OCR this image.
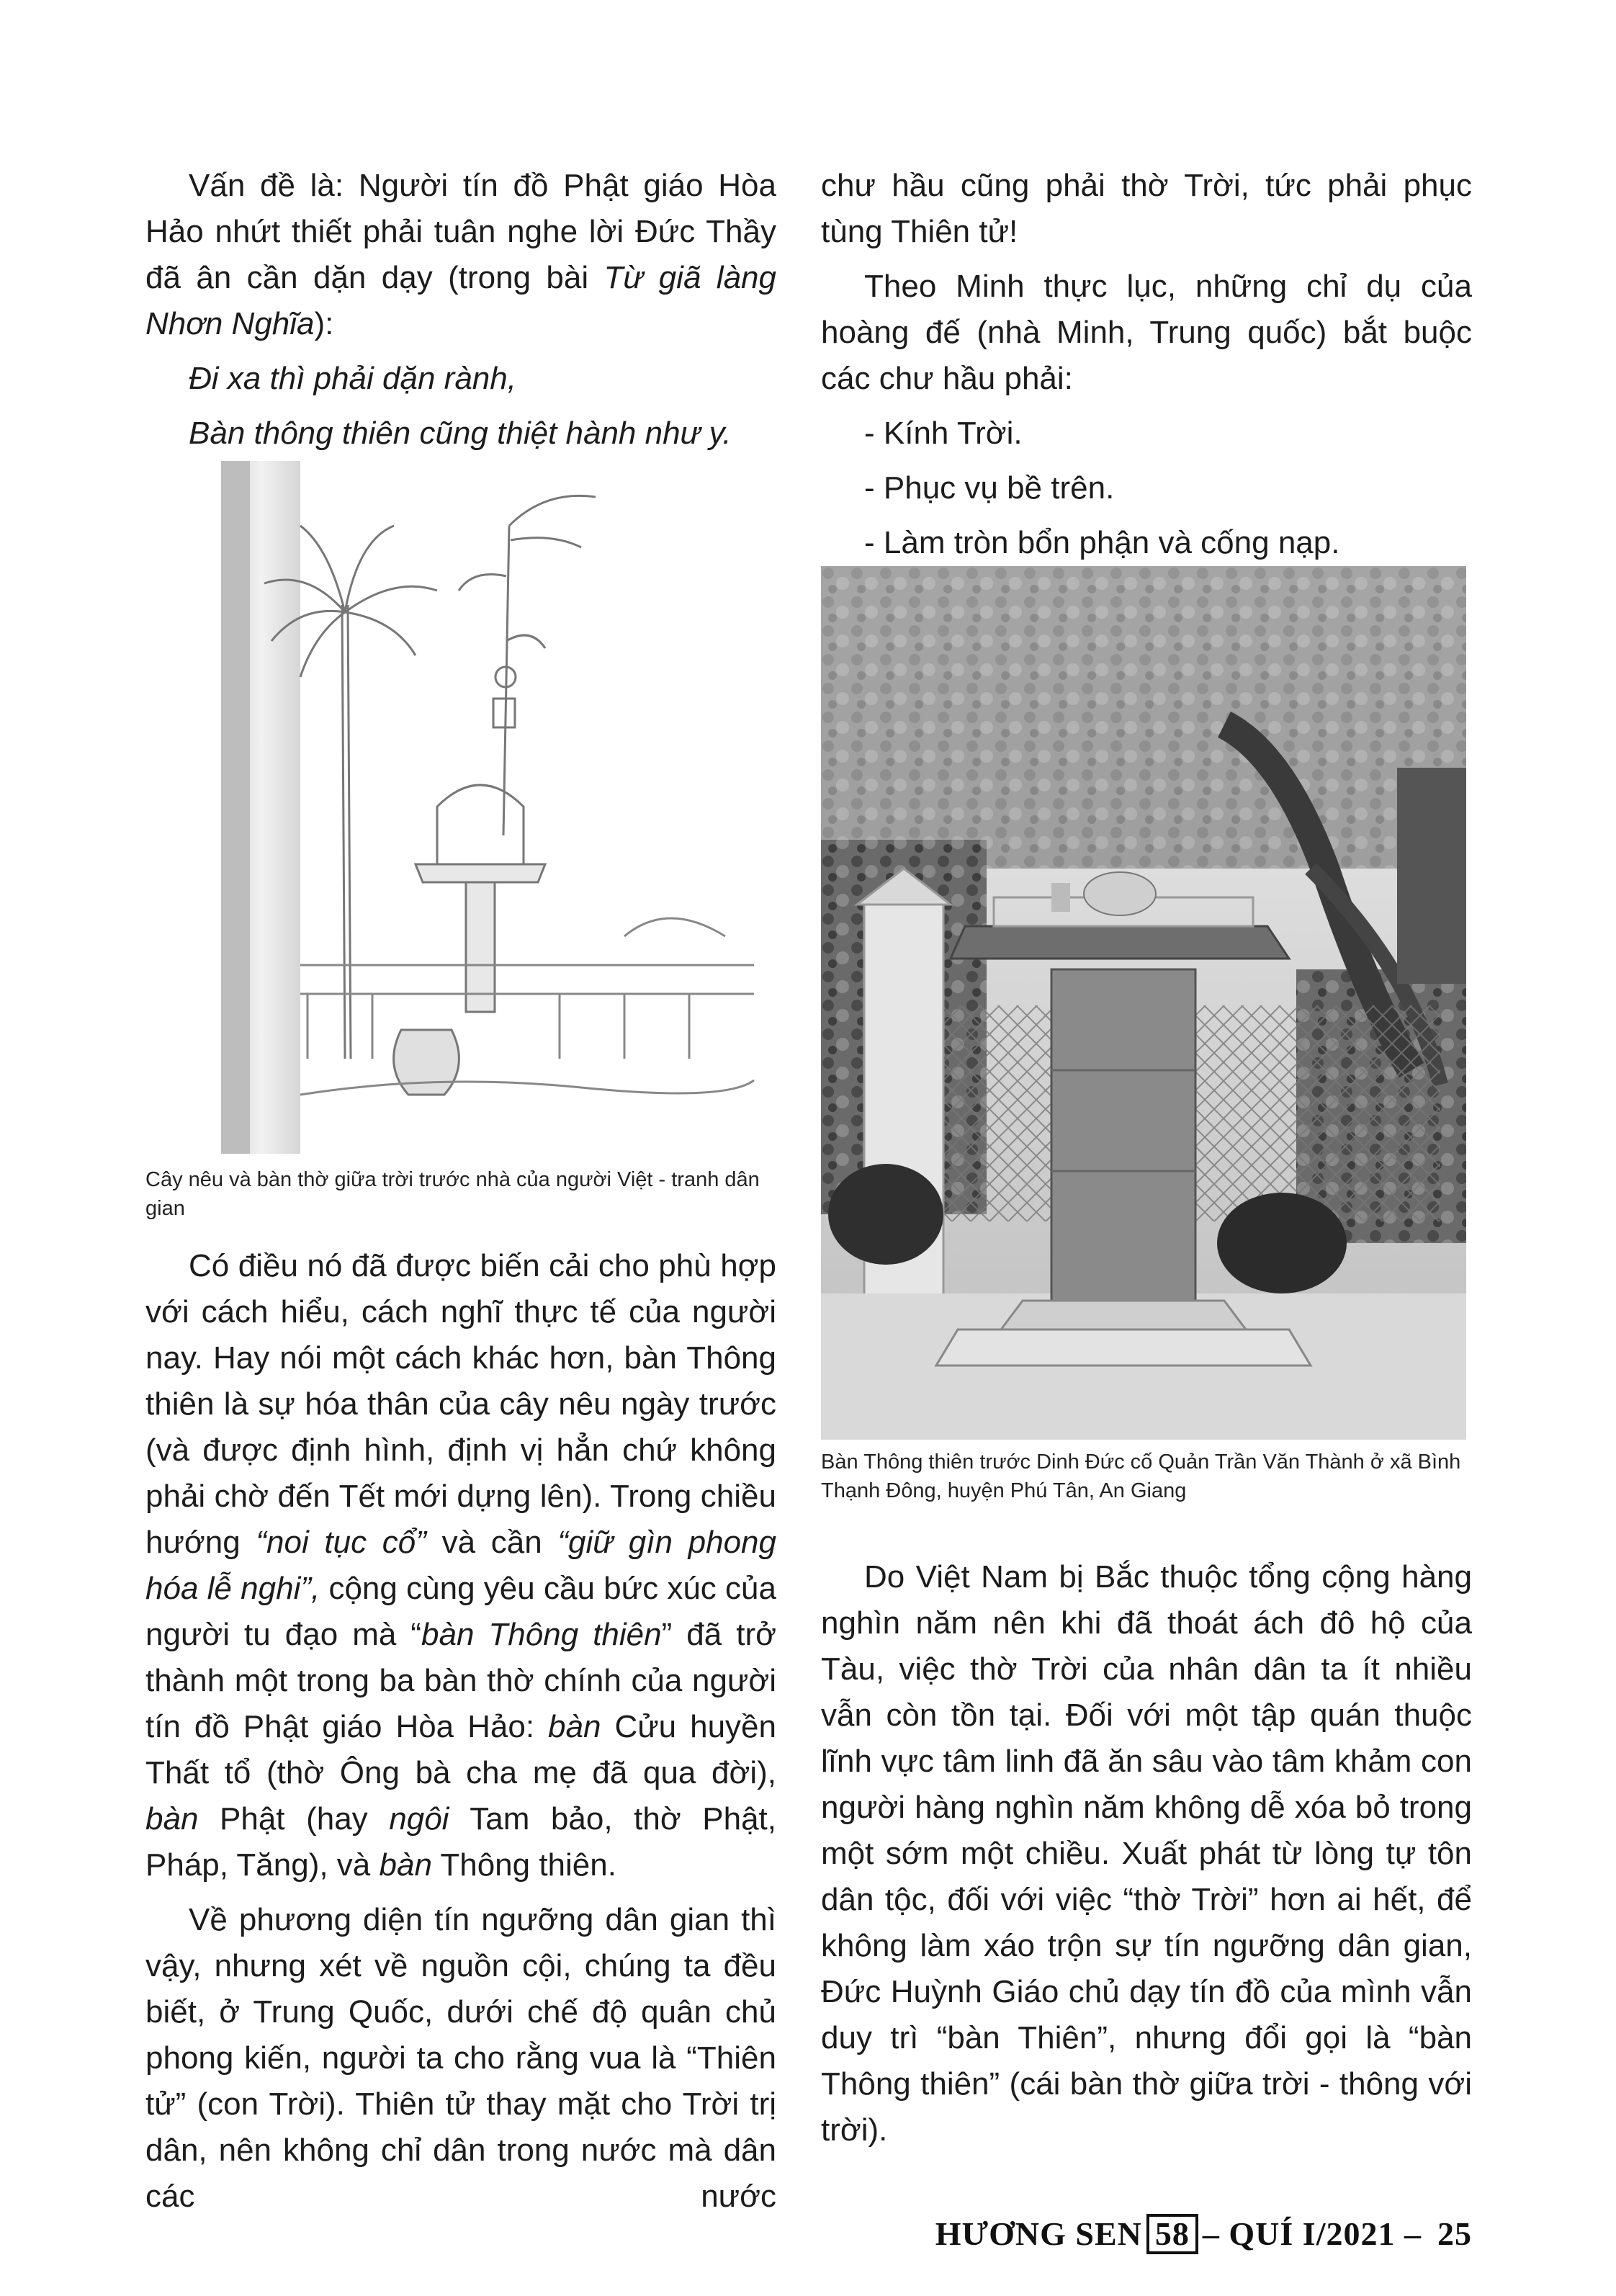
Vấn đề là: Người tín đồ Phật giáo Hòa Hảo nhứt thiết phải tuân nghe lời Đức Thầy đã ân cần dặn dạy (trong bài Từ giã làng Nhơn Nghĩa):

Đi xa thì phải dặn rành,

Bàn thông thiên cũng thiệt hành như y.

Cây nêu và bàn thờ giữa trời trước nhà của người Việt - tranh dân gian

Có điều nó đã được biến cải cho phù hợp với cách hiểu, cách nghĩ thực tế của người nay. Hay nói một cách khác hơn, bàn Thông thiên là sự hóa thân của cây nêu ngày trước (và được định hình, định vị hẳn chứ không phải chờ đến Tết mới dựng lên). Trong chiều hướng “noi tục cổ” và cần “giữ gìn phong hóa lễ nghi”, cộng cùng yêu cầu bức xúc của người tu đạo mà “bàn Thông thiên” đã trở thành một trong ba bàn thờ chính của người tín đồ Phật giáo Hòa Hảo: bàn Cửu huyền Thất tổ (thờ Ông bà cha mẹ đã qua đời), bàn Phật (hay ngôi Tam bảo, thờ Phật, Pháp, Tăng), và bàn Thông thiên.

Về phương diện tín ngưỡng dân gian thì vậy, nhưng xét về nguồn cội, chúng ta đều biết, ở Trung Quốc, dưới chế độ quân chủ phong kiến, người ta cho rằng vua là “Thiên tử” (con Trời). Thiên tử thay mặt cho Trời trị dân, nên không chỉ dân trong nước mà dân các nước

chư hầu cũng phải thờ Trời, tức phải phục tùng Thiên tử!

Theo Minh thực lục, những chỉ dụ của hoàng đế (nhà Minh, Trung quốc) bắt buộc các chư hầu phải:

- Kính Trời.

- Phục vụ bề trên.

- Làm tròn bổn phận và cống nạp.

Bàn Thông thiên trước Dinh Đức cố Quản Trần Văn Thành ở xã Bình Thạnh Đông, huyện Phú Tân, An Giang

Do Việt Nam bị Bắc thuộc tổng cộng hàng nghìn năm nên khi đã thoát ách đô hộ của Tàu, việc thờ Trời của nhân dân ta ít nhiều vẫn còn tồn tại. Đối với một tập quán thuộc lĩnh vực tâm linh đã ăn sâu vào tâm khảm con người hàng nghìn năm không dễ xóa bỏ trong một sớm một chiều. Xuất phát từ lòng tự tôn dân tộc, đối với việc “thờ Trời” hơn ai hết, để không làm xáo trộn sự tín ngưỡng dân gian, Đức Huỳnh Giáo chủ dạy tín đồ của mình vẫn duy trì “bàn Thiên”, nhưng đổi gọi là “bàn Thông thiên” (cái bàn thờ giữa trời - thông với trời).

HƯƠNG SEN 58 – QUÍ I/2021 – 25
